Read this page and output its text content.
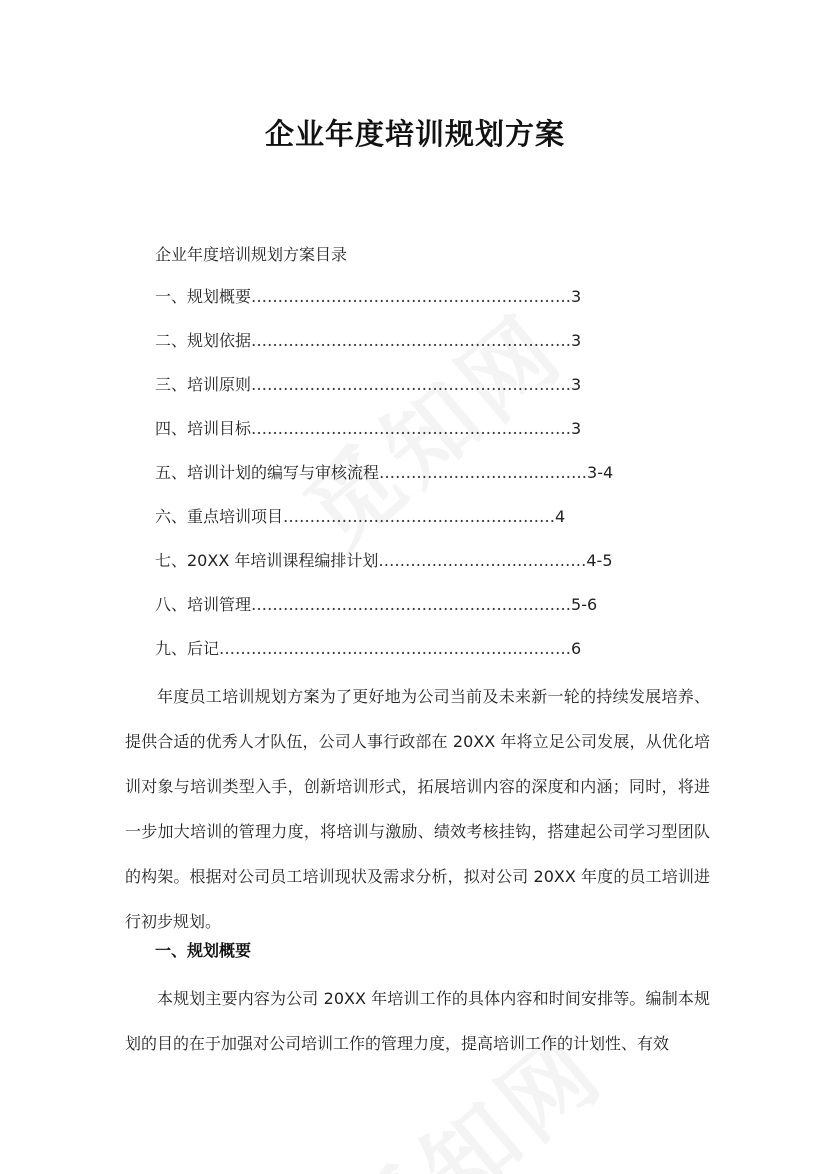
企业年度培训规划方案
企业年度培训规划方案目录
一、规划概要……………………………………………………3
二、规划依据……………………………………………………3
三、培训原则……………………………………………………3
四、培训目标……………………………………………………3
五、培训计划的编写与审核流程…………………………………3-4
六、重点培训项目……………………………………………4
七、20XX 年培训课程编排计划…………………………………4-5
八、培训管理……………………………………………………5-6
九、后记…………………………………………………………6

年度员工培训规划方案为了更好地为公司当前及未来新一轮的持续发展培养、提供合适的优秀人才队伍，公司人事行政部在 20XX 年将立足公司发展，从优化培训对象与培训类型入手，创新培训形式，拓展培训内容的深度和内涵；同时，将进一步加大培训的管理力度，将培训与激励、绩效考核挂钩，搭建起公司学习型团队的构架。根据对公司员工培训现状及需求分析，拟对公司 20XX 年度的员工培训进行初步规划。

一、规划概要

本规划主要内容为公司 20XX 年培训工作的具体内容和时间安排等。编制本规划的目的在于加强对公司培训工作的管理力度，提高培训工作的计划性、有效
